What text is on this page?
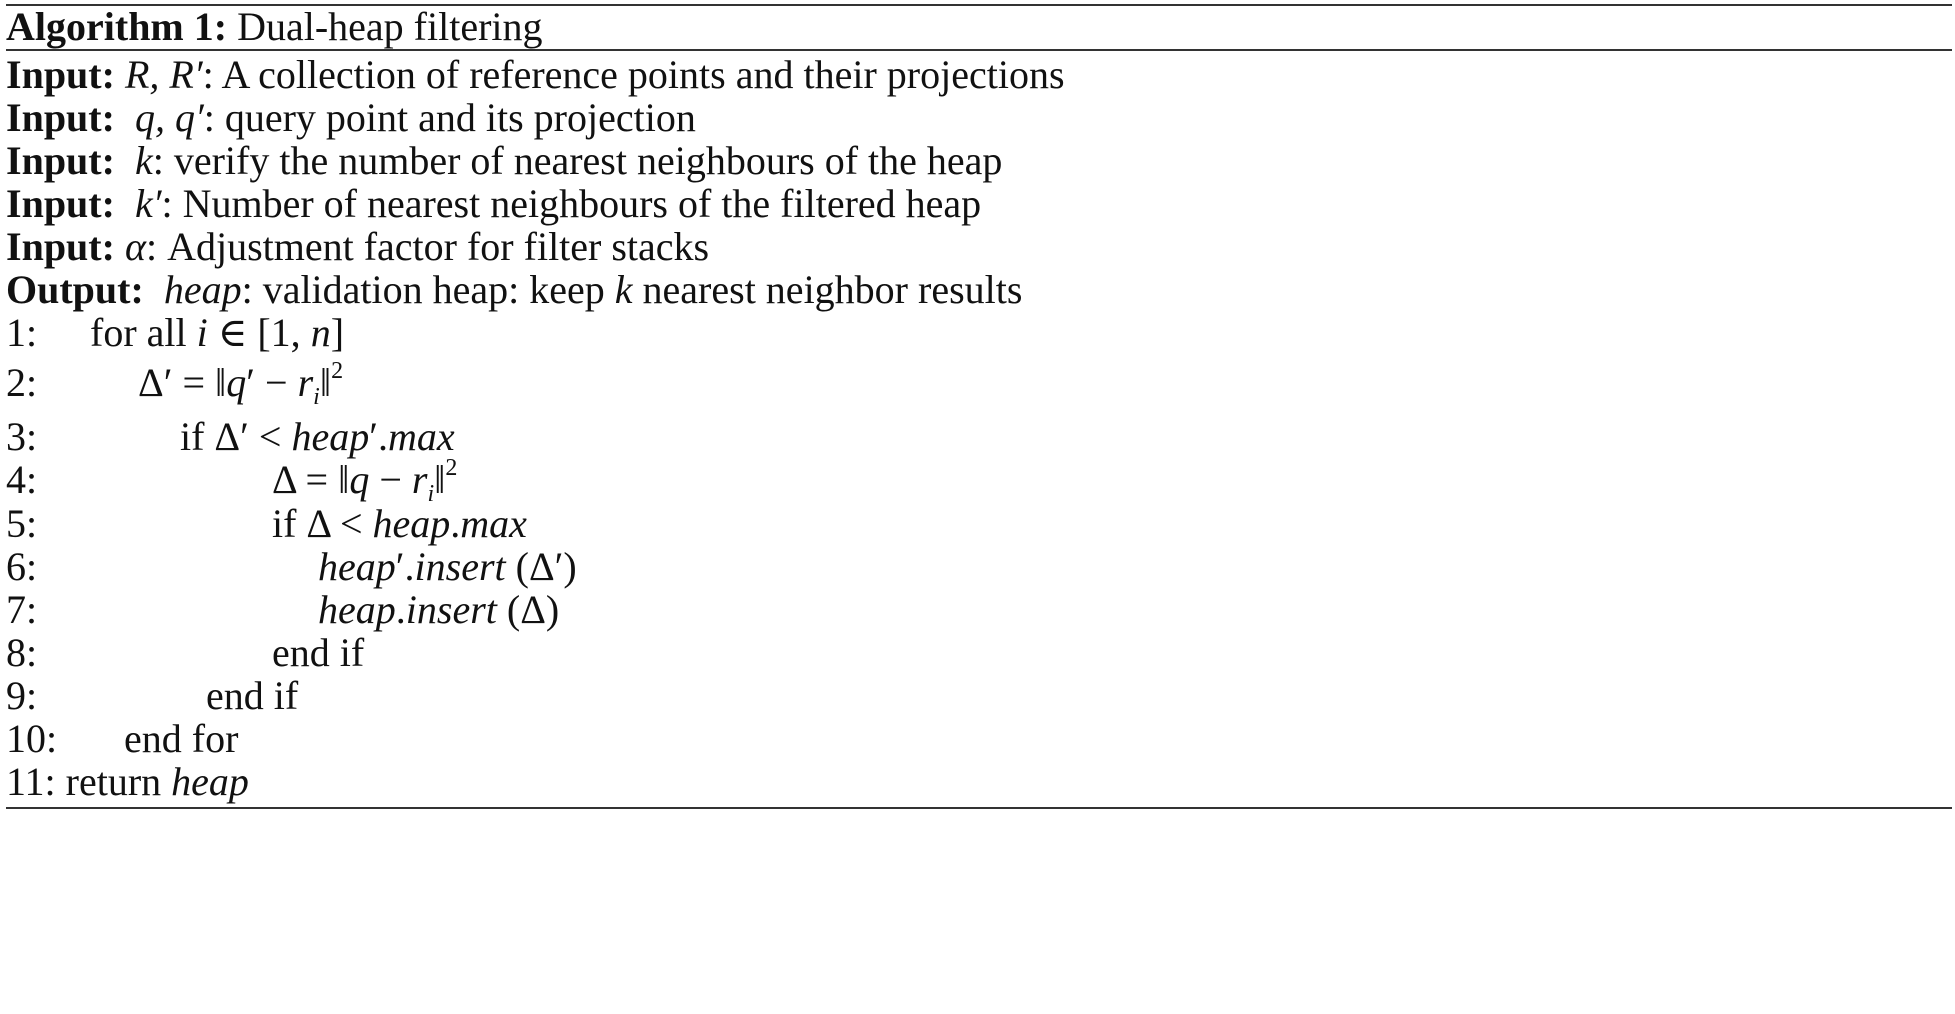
Algorithm 1: Dual-heap filtering
Input: R, R′: A collection of reference points and their projections
Input: q, q′: query point and its projection
Input: k: verify the number of nearest neighbours of the heap
Input: k′: Number of nearest neighbours of the filtered heap
Input: α: Adjustment factor for filter stacks
Output: heap: validation heap: keep k nearest neighbor results
1: for all i ∈ [1, n]
2:	Δ′ = ‖q′ − $r_i‖^2$
3:	if Δ′ < heap′.max
4:	Δ = ‖q − $r_i‖^2$
5:	if Δ < heap.max
6:	heap′.insert (Δ′)
7:	heap.insert (Δ)
8:	end if
9:	end if
10: end for
11: return heap
